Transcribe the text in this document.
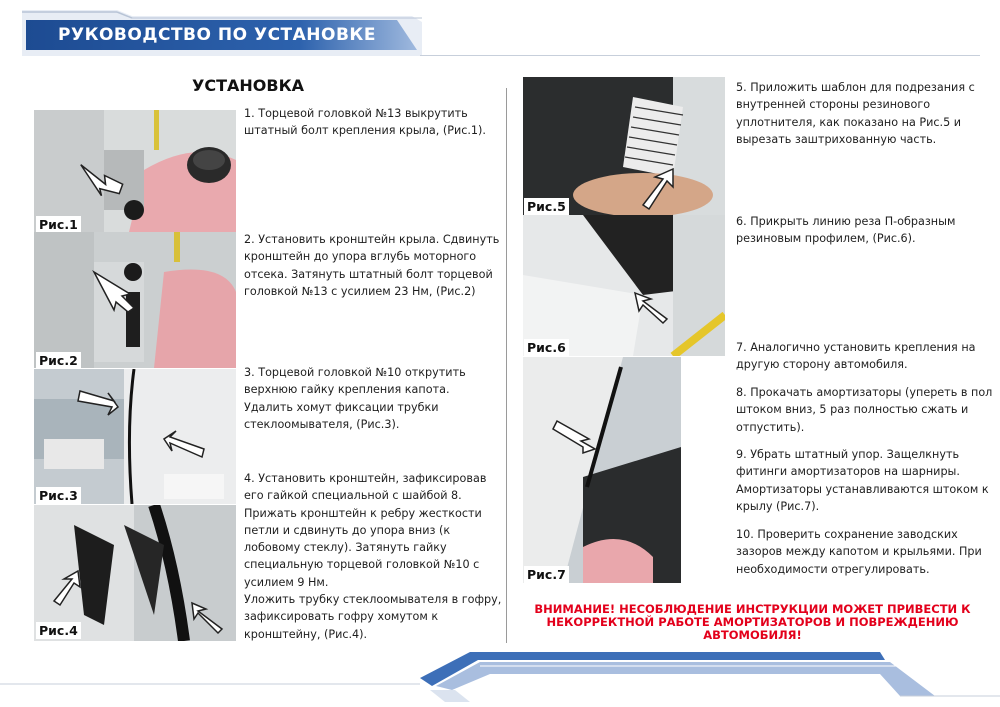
РУКОВОДСТВО ПО УСТАНОВКЕ
УСТАНОВКА
Рис.1
Рис.2
Рис.3
Рис.4
1. Торцевой головкой №13 выкрутить
штатный болт крепления крыла, (Рис.1).
2. Установить кронштейн крыла. Сдвинуть
кронштейн до упора вглубь моторного
отсека. Затянуть штатный болт торцевой
головкой №13 с усилием 23 Нм, (Рис.2)
3. Торцевой головкой №10 открутить
верхнюю гайку крепления капота.
Удалить хомут фиксации трубки
стеклоомывателя, (Рис.3).
4. Установить кронштейн, зафиксировав
его гайкой специальной с шайбой 8.
Прижать кронштейн к ребру жесткости
петли и сдвинуть до упора вниз (к
лобовому стеклу). Затянуть гайку
специальную торцевой головкой №10 с
усилием 9 Нм.
Уложить трубку стеклоомывателя в гофру,
зафиксировать гофру хомутом к
кронштейну, (Рис.4).
Рис.5
Рис.6
Рис.7
5. Приложить шаблон для подрезания с
внутренней стороны резинового
уплотнителя, как показано на Рис.5 и
вырезать заштрихованную часть.
6. Прикрыть линию реза П-образным
резиновым профилем, (Рис.6).
7. Аналогично установить крепления на
другую сторону автомобиля.
8. Прокачать амортизаторы (упереть в пол
штоком вниз, 5 раз полностью сжать и
отпустить).
9. Убрать штатный упор. Защелкнуть
фитинги амортизаторов на шарниры.
Амортизаторы устанавливаются штоком к
крылу (Рис.7).
10. Проверить сохранение заводских
зазоров между капотом и крыльями. При
необходимости отрегулировать.
ВНИМАНИЕ! НЕСОБЛЮДЕНИЕ ИНСТРУКЦИИ МОЖЕТ ПРИВЕСТИ К
НЕКОРРЕКТНОЙ РАБОТЕ АМОРТИЗАТОРОВ И ПОВРЕЖДЕНИЮ
АВТОМОБИЛЯ!
